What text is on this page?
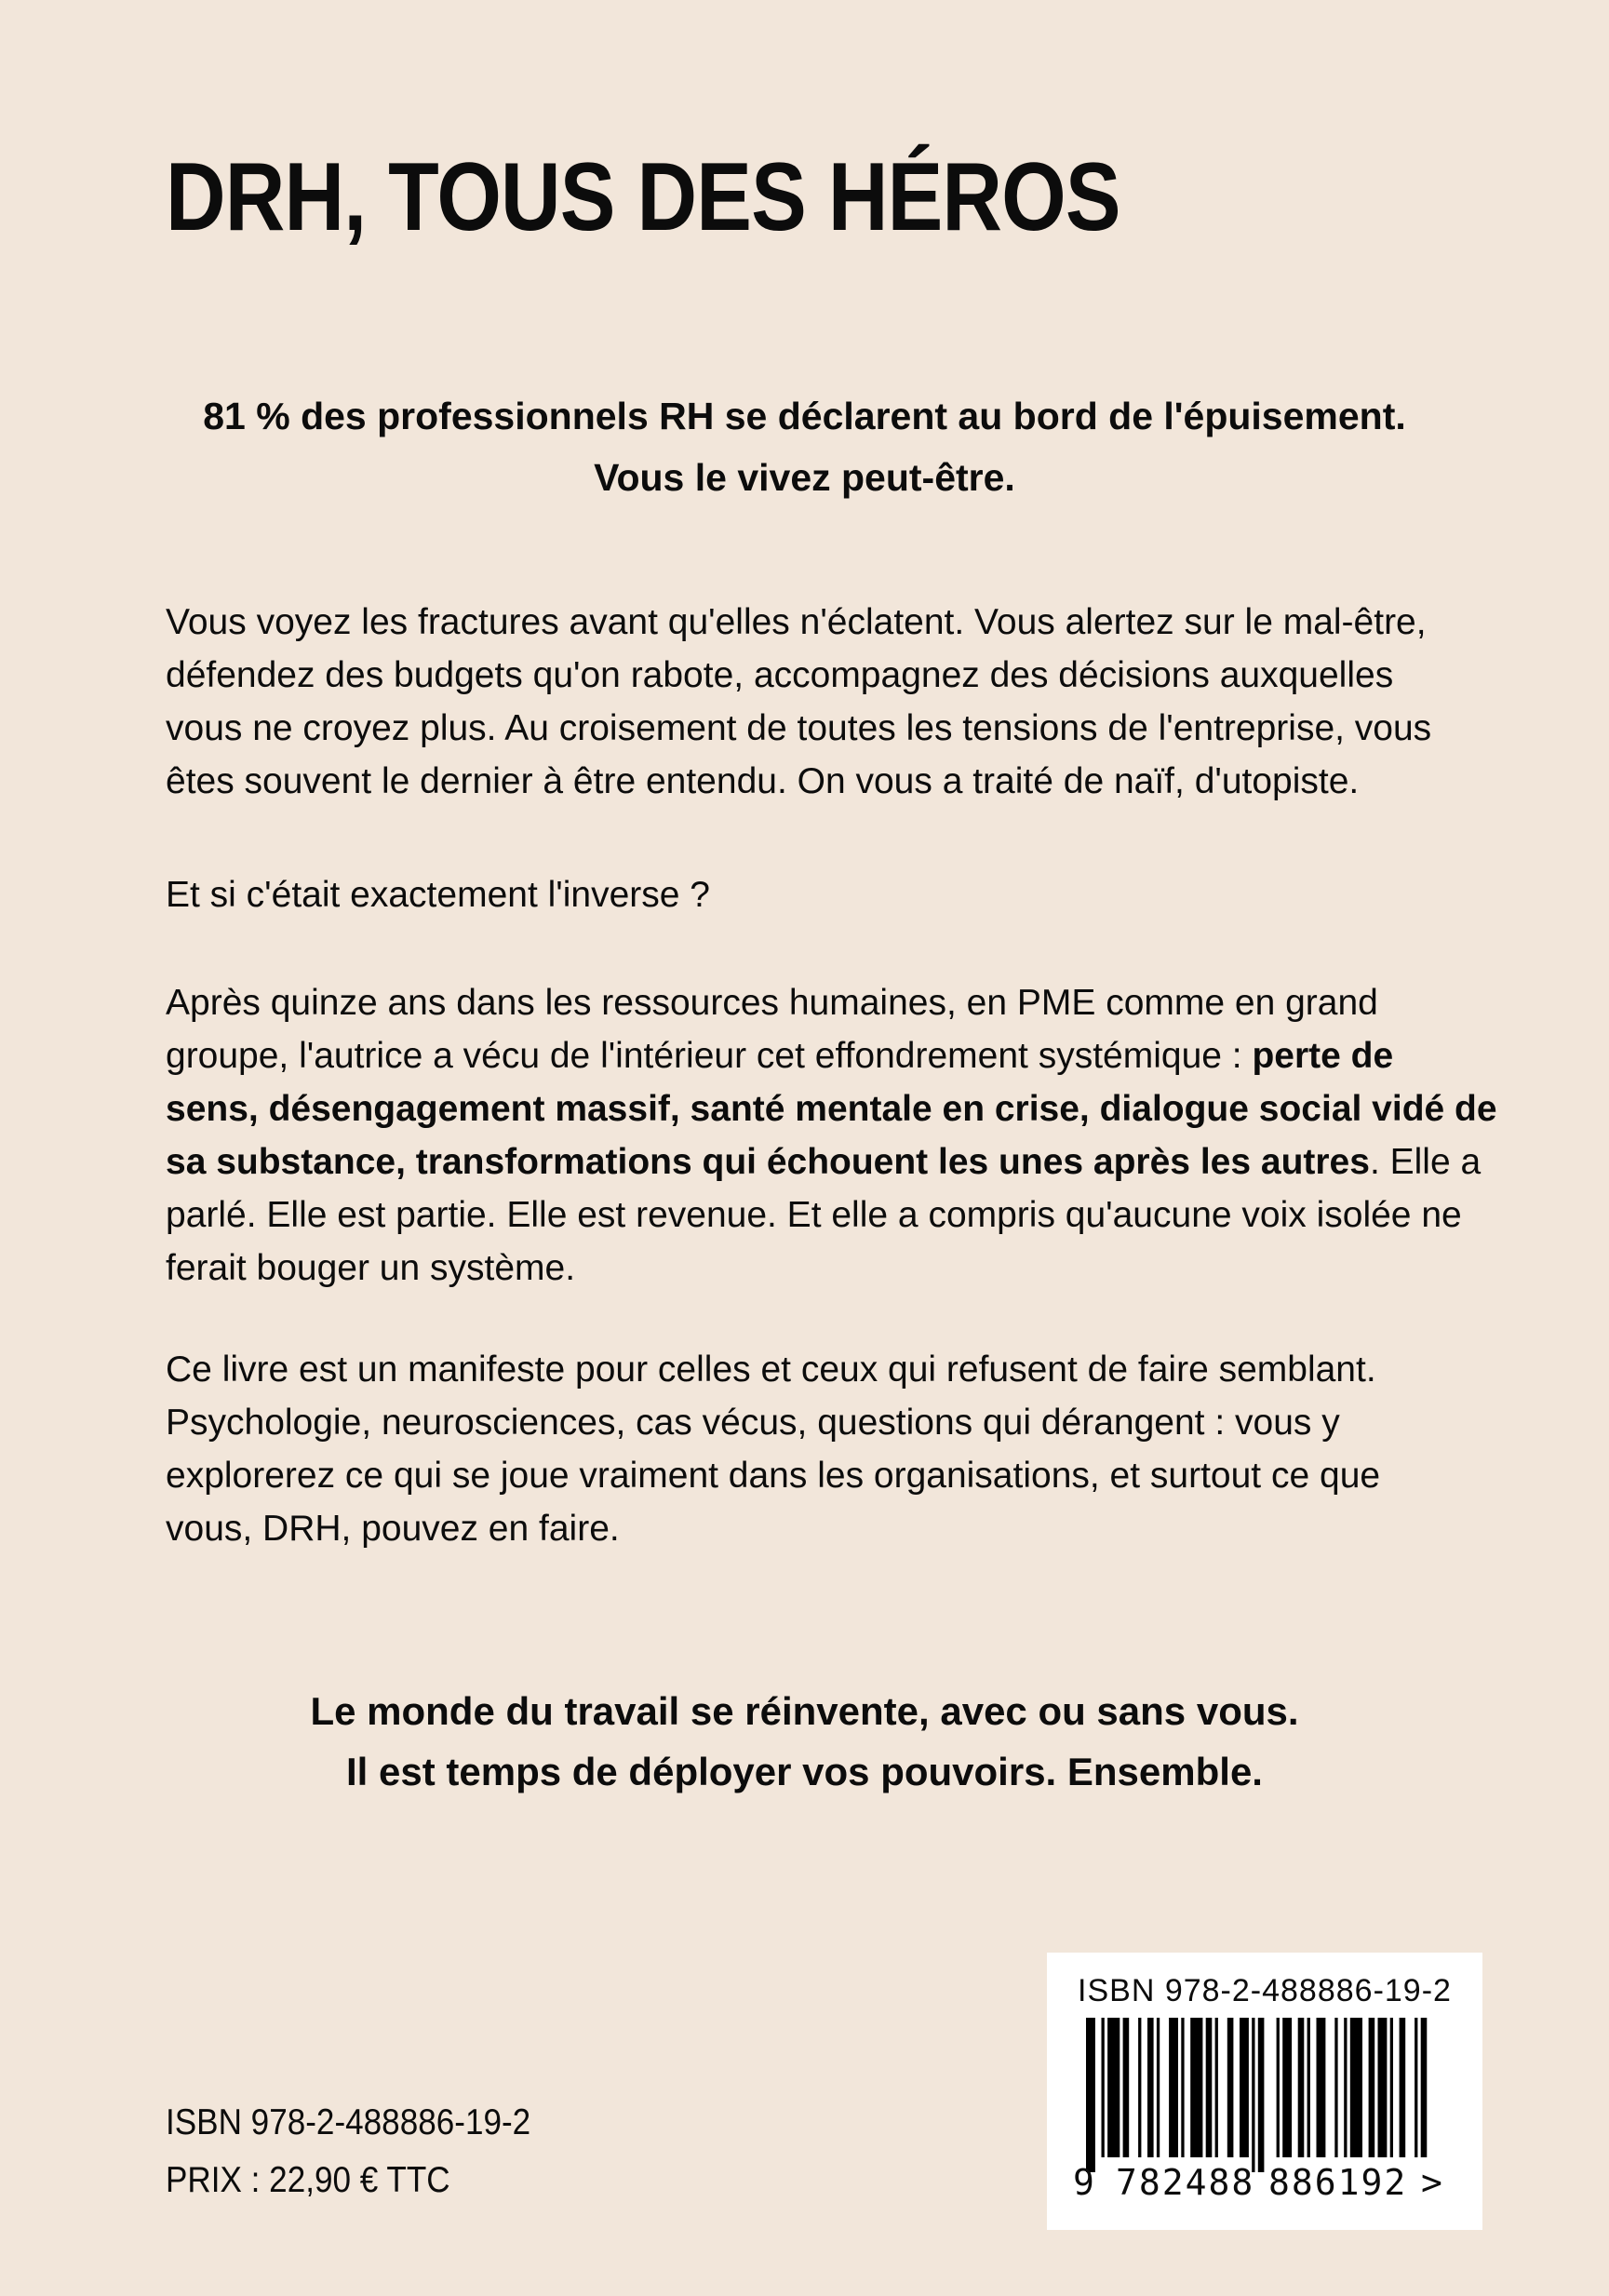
DRH, TOUS DES HÉROS
81 % des professionnels RH se déclarent au bord de l'épuisement.
Vous le vivez peut-être.
Vous voyez les fractures avant qu'elles n'éclatent. Vous alertez sur le mal-être,
défendez des budgets qu'on rabote, accompagnez des décisions auxquelles
vous ne croyez plus. Au croisement de toutes les tensions de l'entreprise, vous
êtes souvent le dernier à être entendu. On vous a traité de naïf, d'utopiste.
Et si c'était exactement l'inverse ?
Après quinze ans dans les ressources humaines, en PME comme en grand
groupe, l'autrice a vécu de l'intérieur cet effondrement systémique : perte de
sens, désengagement massif, santé mentale en crise, dialogue social vidé de
sa substance, transformations qui échouent les unes après les autres. Elle a
parlé. Elle est partie. Elle est revenue. Et elle a compris qu'aucune voix isolée ne
ferait bouger un système.
Ce livre est un manifeste pour celles et ceux qui refusent de faire semblant.
Psychologie, neurosciences, cas vécus, questions qui dérangent : vous y
explorerez ce qui se joue vraiment dans les organisations, et surtout ce que
vous, DRH, pouvez en faire.
Le monde du travail se réinvente, avec ou sans vous.
Il est temps de déployer vos pouvoirs. Ensemble.
ISBN 978-2-488886-19-2
PRIX : 22,90 € TTC
ISBN 978-2-488886-19-2
9 782488 886192 >
